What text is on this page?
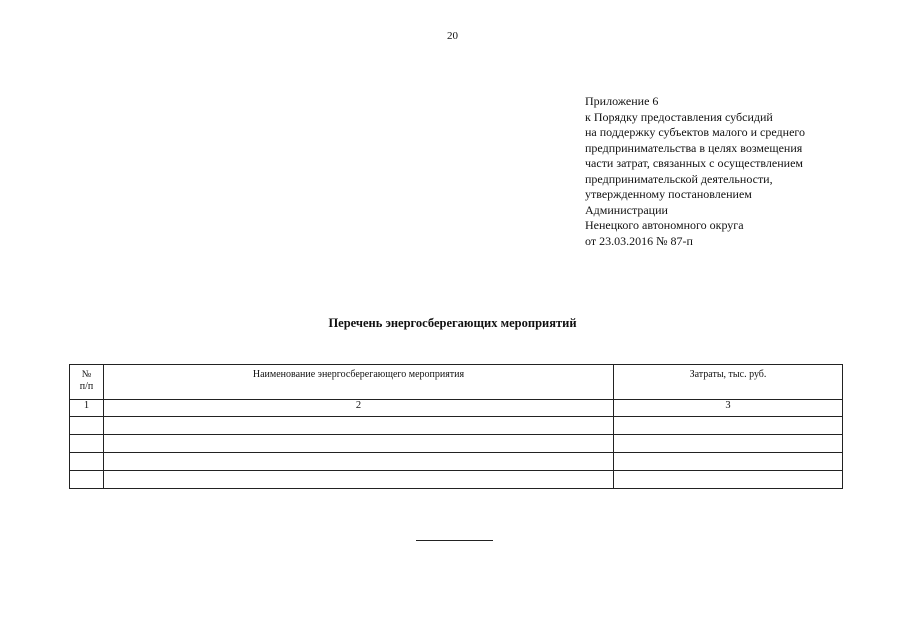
20
Приложение 6
к Порядку предоставления субсидий
на поддержку субъектов малого и среднего
предпринимательства в целях возмещения
части затрат, связанных с осуществлением
предпринимательской деятельности,
утвержденному постановлением
Администрации
Ненецкого автономного округа
от 23.03.2016 № 87-п
Перечень энергосберегающих мероприятий
№
п/п	Наименование энергосберегающего мероприятия	Затраты, тыс. руб.
1	2	3
